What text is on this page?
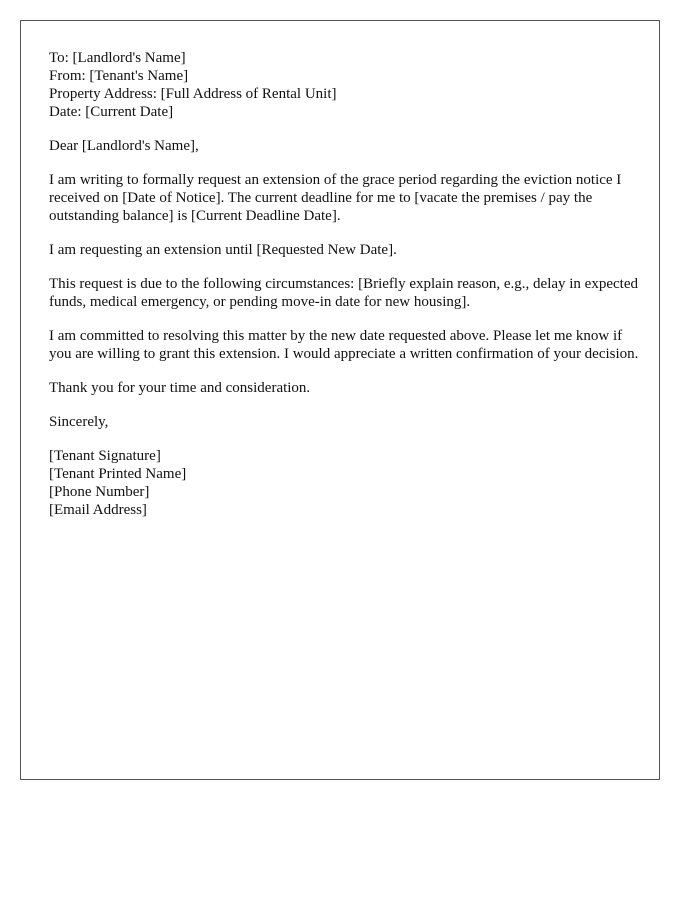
To: [Landlord's Name]
From: [Tenant's Name]
Property Address: [Full Address of Rental Unit]
Date: [Current Date]

Dear [Landlord's Name],

I am writing to formally request an extension of the grace period regarding the eviction notice I received on [Date of Notice]. The current deadline for me to [vacate the premises / pay the outstanding balance] is [Current Deadline Date].

I am requesting an extension until [Requested New Date].

This request is due to the following circumstances: [Briefly explain reason, e.g., delay in expected funds, medical emergency, or pending move-in date for new housing].

I am committed to resolving this matter by the new date requested above. Please let me know if you are willing to grant this extension. I would appreciate a written confirmation of your decision.

Thank you for your time and consideration.

Sincerely,

[Tenant Signature]
[Tenant Printed Name]
[Phone Number]
[Email Address]
